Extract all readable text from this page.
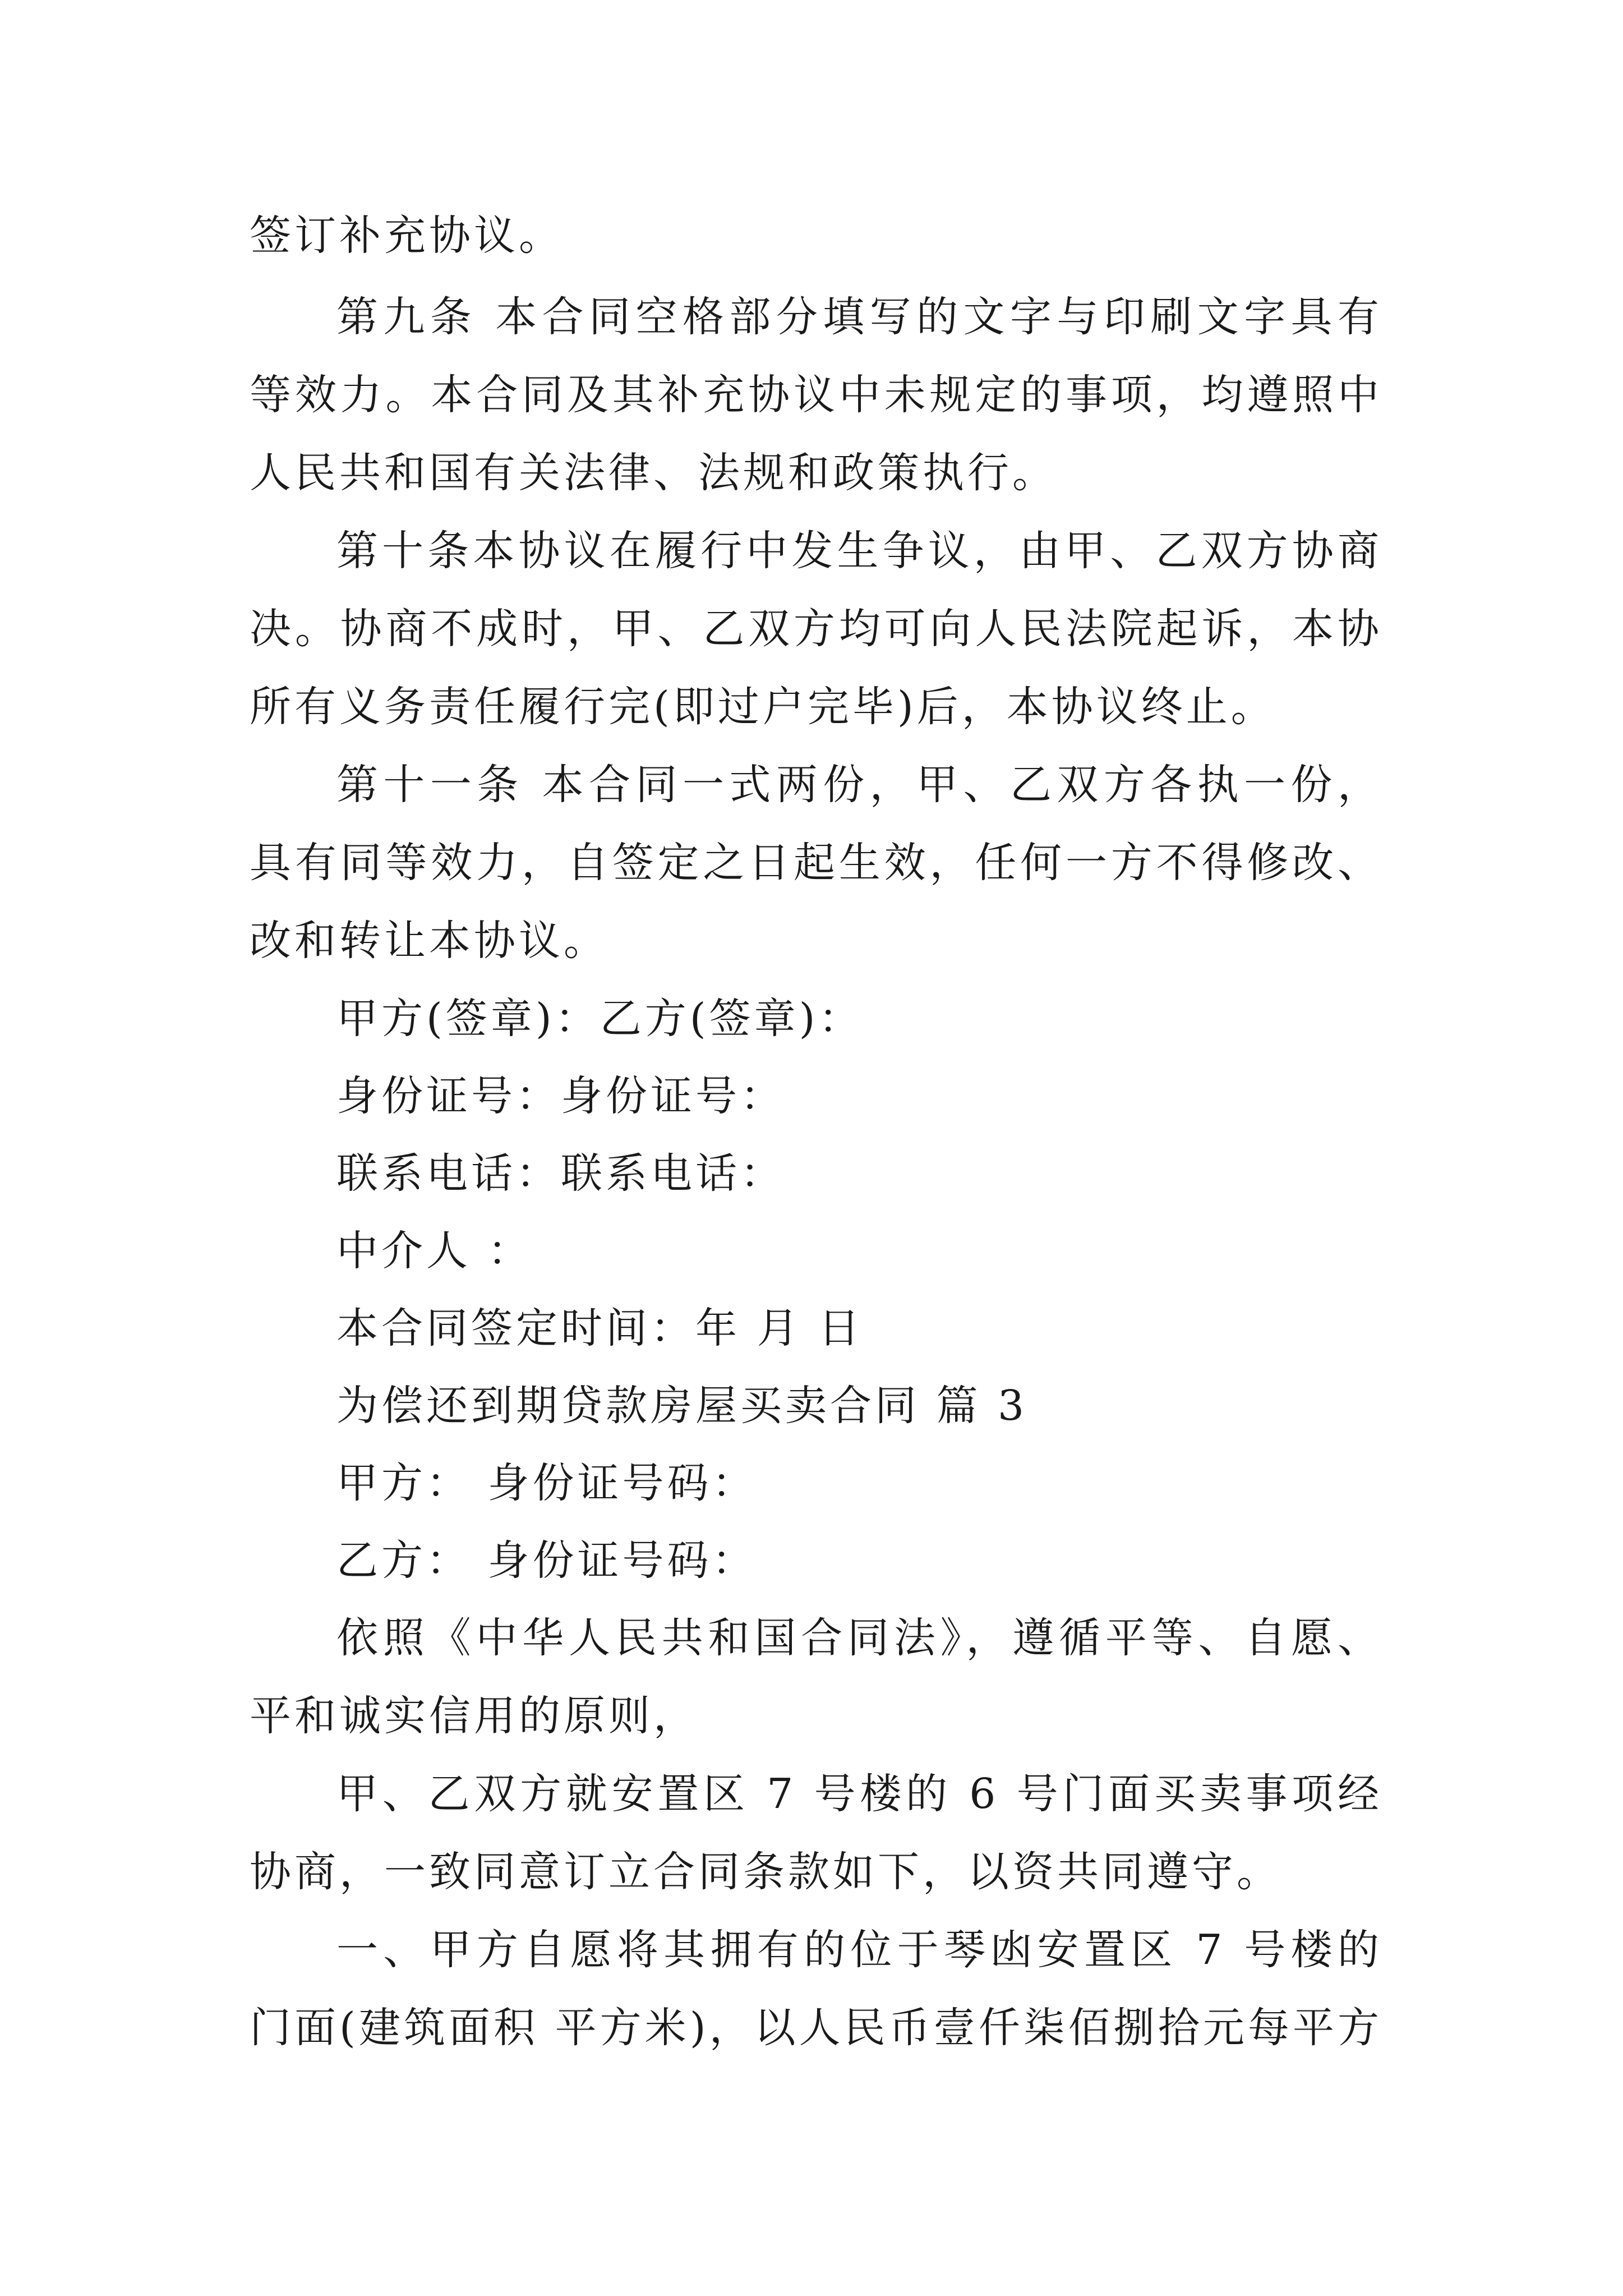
签订补充协议。
第九条 本合同空格部分填写的文字与印刷文字具有
等效力。本合同及其补充协议中未规定的事项，均遵照中
人民共和国有关法律、法规和政策执行。
第十条本协议在履行中发生争议，由甲、乙双方协商
决。协商不成时，甲、乙双方均可向人民法院起诉，本协
所有义务责任履行完(即过户完毕)后，本协议终止。
第十一条 本合同一式两份，甲、乙双方各执一份，
具有同等效力，自签定之日起生效，任何一方不得修改、
改和转让本协议。
甲方(签章)：乙方(签章)：
身份证号：身份证号：
联系电话：联系电话：
中介人 ：
本合同签定时间：年 月 日
为偿还到期贷款房屋买卖合同 篇 3
甲方： 身份证号码：
乙方： 身份证号码：
依照《中华人民共和国合同法》，遵循平等、自愿、
平和诚实信用的原则，
甲、乙双方就安置区 7 号楼的 6 号门面买卖事项经
协商，一致同意订立合同条款如下，以资共同遵守。
一、甲方自愿将其拥有的位于琴凼安置区 7 号楼的
门面(建筑面积 平方米)，以人民币壹仟柒佰捌拾元每平方
